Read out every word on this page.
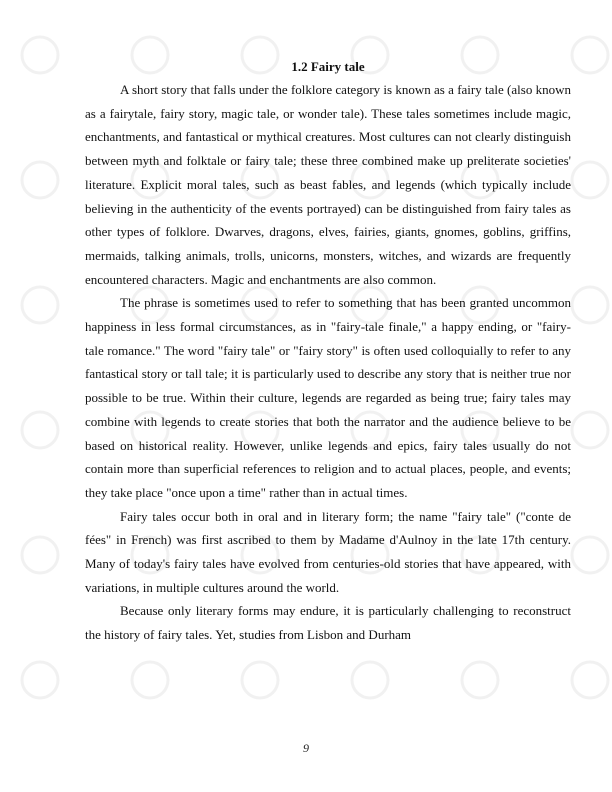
1.2 Fairy tale

A short story that falls under the folklore category is known as a fairy tale (also known as a fairytale, fairy story, magic tale, or wonder tale). These tales sometimes include magic, enchantments, and fantastical or mythical creatures. Most cultures can not clearly distinguish between myth and folktale or fairy tale; these three combined make up preliterate societies' literature. Explicit moral tales, such as beast fables, and legends (which typically include believing in the authenticity of the events portrayed) can be distinguished from fairy tales as other types of folklore. Dwarves, dragons, elves, fairies, giants, gnomes, goblins, griffins, mermaids, talking animals, trolls, unicorns, monsters, witches, and wizards are frequently encountered characters. Magic and enchantments are also common.

The phrase is sometimes used to refer to something that has been granted uncommon happiness in less formal circumstances, as in "fairy-tale finale," a happy ending, or "fairy-tale romance." The word "fairy tale" or "fairy story" is often used colloquially to refer to any fantastical story or tall tale; it is particularly used to describe any story that is neither true nor possible to be true. Within their culture, legends are regarded as being true; fairy tales may combine with legends to create stories that both the narrator and the audience believe to be based on historical reality. However, unlike legends and epics, fairy tales usually do not contain more than superficial references to religion and to actual places, people, and events; they take place "once upon a time" rather than in actual times.

Fairy tales occur both in oral and in literary form; the name "fairy tale" ("conte de fées" in French) was first ascribed to them by Madame d'Aulnoy in the late 17th century. Many of today's fairy tales have evolved from centuries-old stories that have appeared, with variations, in multiple cultures around the world.

Because only literary forms may endure, it is particularly challenging to reconstruct the history of fairy tales. Yet, studies from Lisbon and Durham

9
